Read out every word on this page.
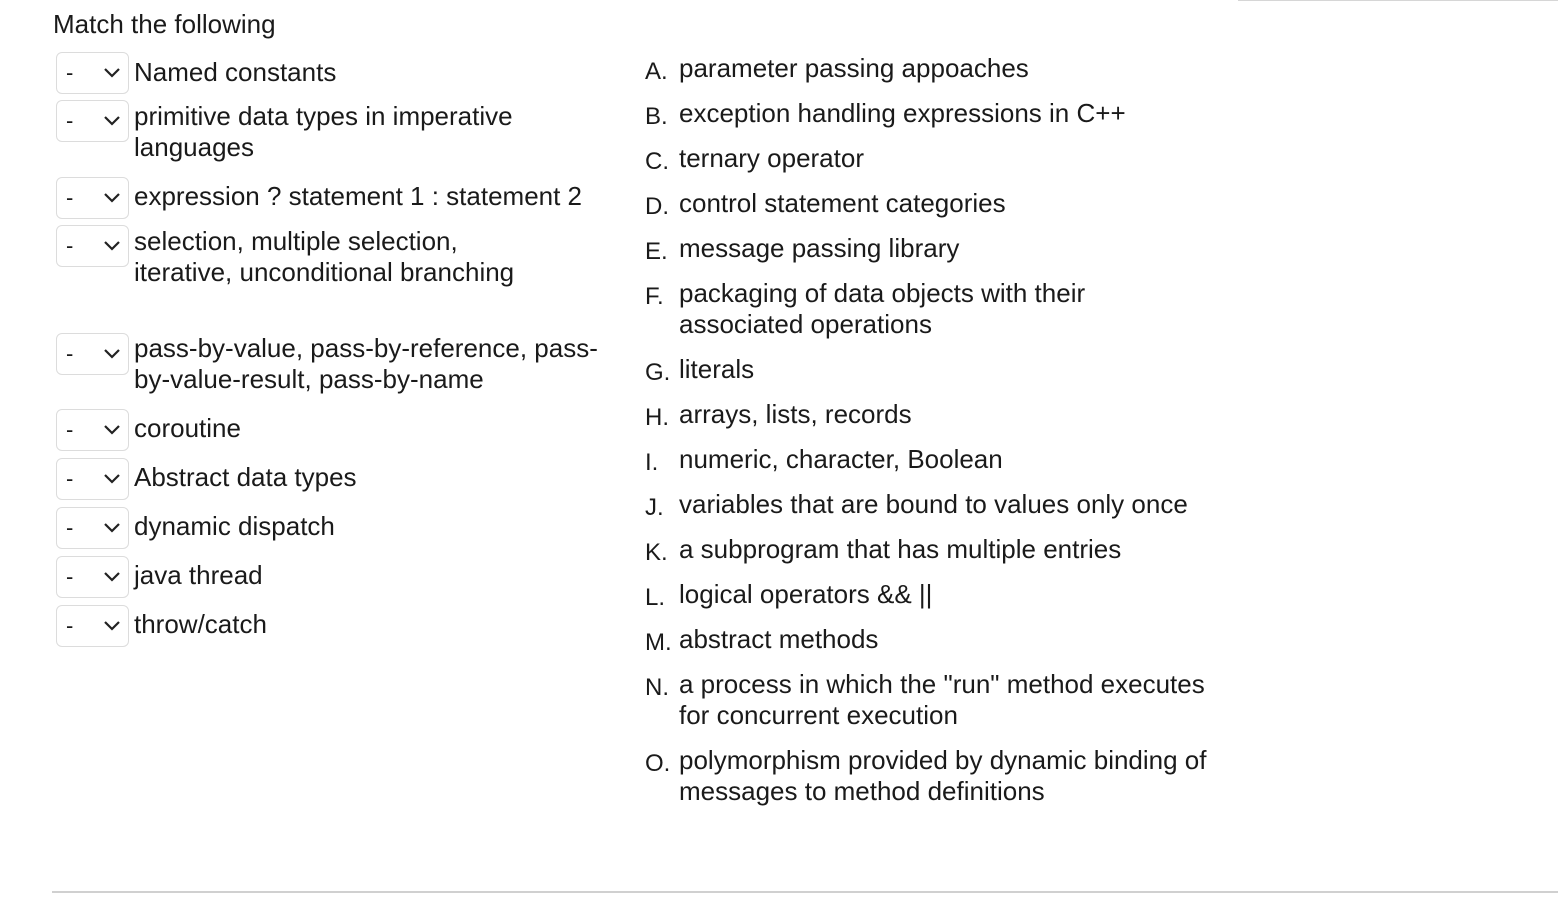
Match the following
- Named constants
- primitive data types in imperative languages
- expression ? statement 1 : statement 2
- selection, multiple selection, iterative, unconditional branching
- pass-by-value, pass-by-reference, pass-by-value-result, pass-by-name
- coroutine
- Abstract data types
- dynamic dispatch
- java thread
- throw/catch
A. parameter passing appoaches
B. exception handling expressions in C++
C. ternary operator
D. control statement categories
E. message passing library
F. packaging of data objects with their associated operations
G. literals
H. arrays, lists, records
I. numeric, character, Boolean
J. variables that are bound to values only once
K. a subprogram that has multiple entries
L. logical operators && ||
M. abstract methods
N. a process in which the "run" method executes for concurrent execution
O. polymorphism provided by dynamic binding of messages to method definitions
